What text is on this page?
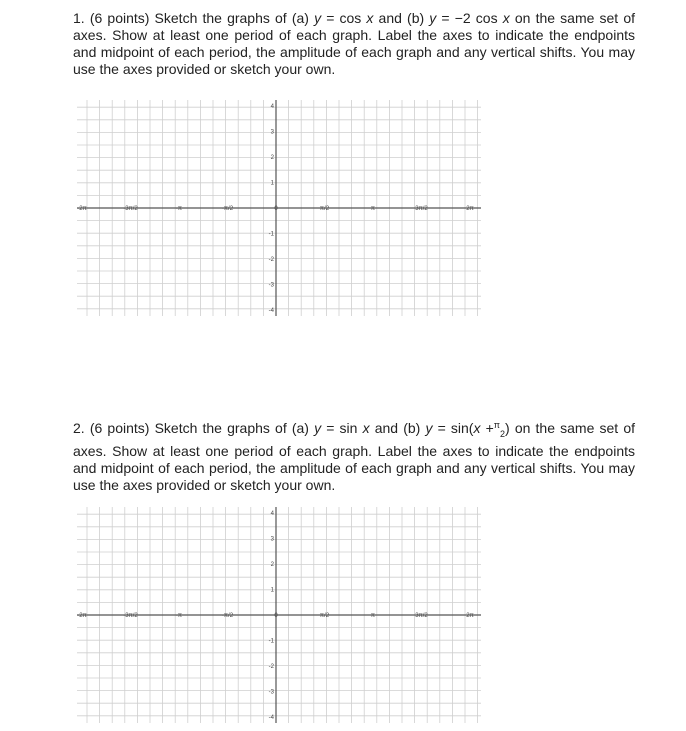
1. (6 points) Sketch the graphs of (a) y = cos x and (b) y = −2 cos x on the same set of axes. Show at least one period of each graph. Label the axes to indicate the endpoints and midpoint of each period, the amplitude of each graph and any vertical shifts. You may use the axes provided or sketch your own.
-2π	-3π/2	-π	-π/2	0	π/2	π	3π/2	2π
4
3
2
1
-1
-2
-3
-4
2. (6 points) Sketch the graphs of (a) y = sin x and (b) y = sin(x +$^\pi_2$) on the same set of axes. Show at least one period of each graph. Label the axes to indicate the endpoints and midpoint of each period, the amplitude of each graph and any vertical shifts. You may use the axes provided or sketch your own.
-2π	-3π/2	-π	-π/2	0	π/2	π	3π/2	2π
4
3
2
1
-1
-2
-3
-4
